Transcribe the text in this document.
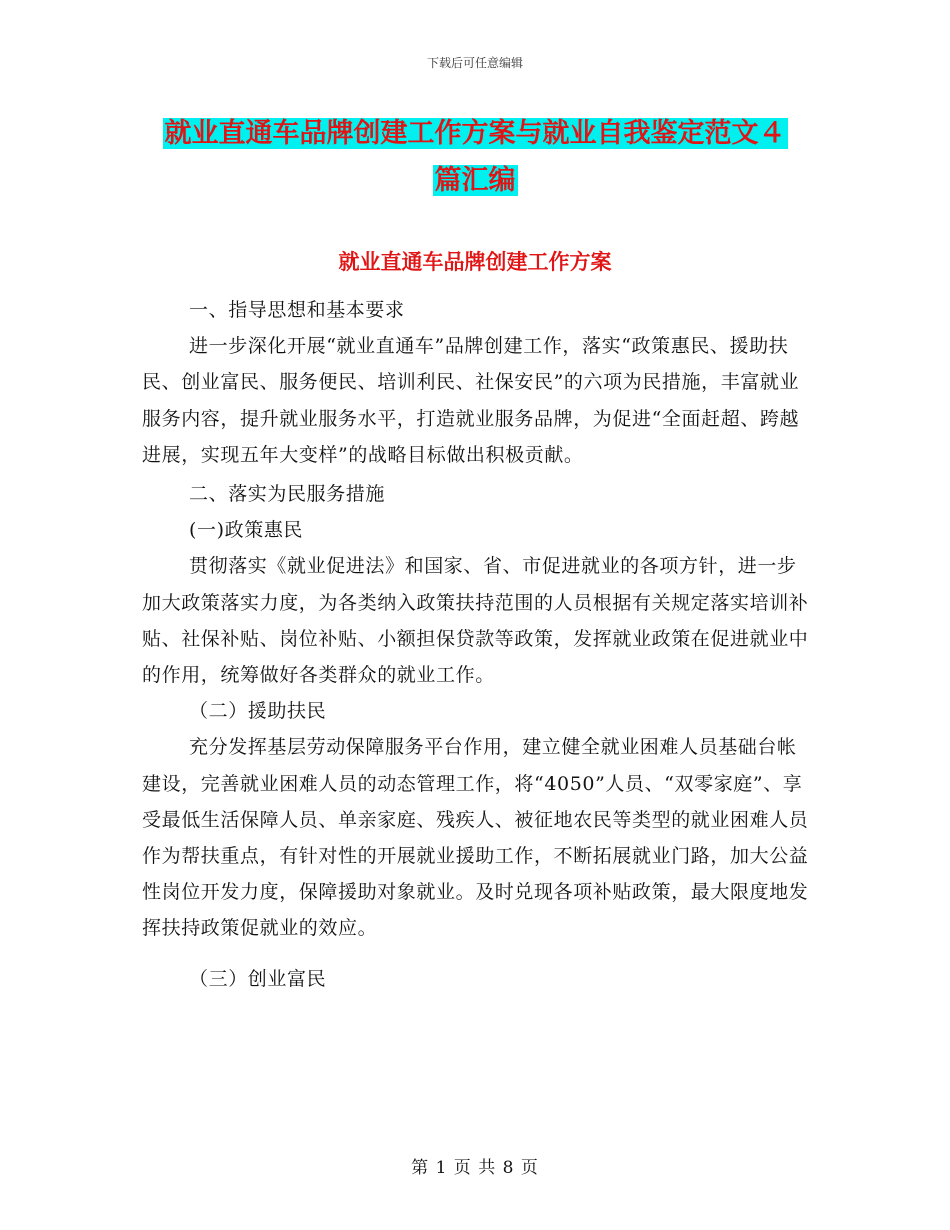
下载后可任意编辑
就业直通车品牌创建工作方案与就业自我鉴定范文４
篇汇编
就业直通车品牌创建工作方案

一、指导思想和基本要求

进一步深化开展“就业直通车”品牌创建工作，落实“政策惠民、援助扶民、创业富民、服务便民、培训利民、社保安民”的六项为民措施，丰富就业服务内容，提升就业服务水平，打造就业服务品牌，为促进“全面赶超、跨越进展，实现五年大变样”的战略目标做出积极贡献。

二、落实为民服务措施

(一)政策惠民

贯彻落实《就业促进法》和国家、省、市促进就业的各项方针，进一步加大政策落实力度，为各类纳入政策扶持范围的人员根据有关规定落实培训补贴、社保补贴、岗位补贴、小额担保贷款等政策，发挥就业政策在促进就业中的作用，统筹做好各类群众的就业工作。

（二）援助扶民

充分发挥基层劳动保障服务平台作用，建立健全就业困难人员基础台帐建设，完善就业困难人员的动态管理工作，将“4050”人员、“双零家庭”、享受最低生活保障人员、单亲家庭、残疾人、被征地农民等类型的就业困难人员作为帮扶重点，有针对性的开展就业援助工作，不断拓展就业门路，加大公益性岗位开发力度，保障援助对象就业。及时兑现各项补贴政策，最大限度地发挥扶持政策促就业的效应。

（三）创业富民

第 1 页 共 8 页
